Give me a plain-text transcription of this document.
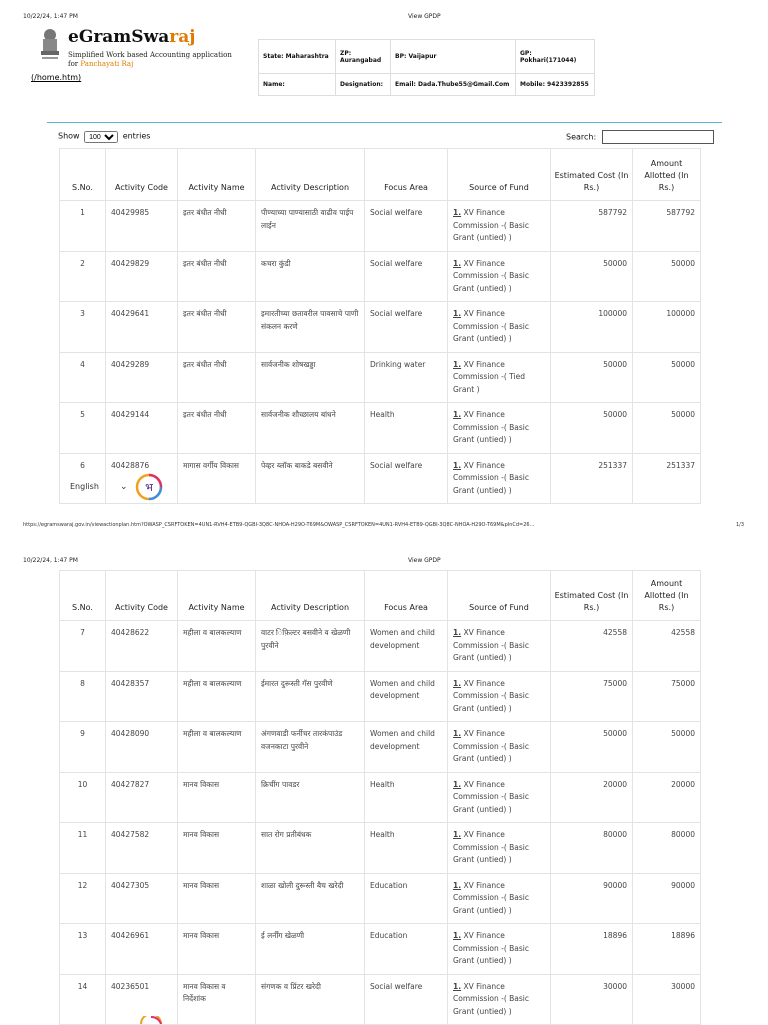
10/22/24, 1:47 PM	View GPDP
eGramSwaraj
Simplified Work based Accounting application
for Panchayati Raj
(/home.htm)
State: Maharashtra	ZP: Aurangabad	BP: Vaijapur	GP: Pokhari(171044)
Name:	Designation:	Email: Dada.Thube55@Gmail.Com	Mobile: 9423392855
Show
100	entries	Search:
S.No.	Activity Code	Activity Name	Activity Description	Focus Area	Source of Fund	Estimated Cost (In Rs.)	Amount Allotted (In Rs.)
1	40429985	इतर बंधीत नीधी	पीण्याच्या पाण्यासाठी वाढीव पाईप लाईन	Social welfare	1. XV Finance Commission -( Basic Grant (untied) )	587792	587792
2	40429829	इतर बंधीत नीधी	कचरा कुंडी	Social welfare	1. XV Finance Commission -( Basic Grant (untied) )	50000	50000
3	40429641	इतर बंधीत नीधी	इमारतीच्या छतावरील पावसाचे पाणी संकलन करणे	Social welfare	1. XV Finance Commission -( Basic Grant (untied) )	100000	100000
4	40429289	इतर बंधीत नीधी	सार्वजनीक शोषखड्डा	Drinking water	1. XV Finance Commission -( Tied Grant )	50000	50000
5	40429144	इतर बंधीत नीधी	सार्वजनीक शौच्छालय बांधने	Health	1. XV Finance Commission -( Basic Grant (untied) )	50000	50000
6	40428876	मागास वर्गीय विकास	पेव्हर ब्लॉक बाकडे बसवीने	Social welfare	1. XV Finance Commission -( Basic Grant (untied) )	251337	251337
English ⌄ भ
https://egramswaraj.gov.in/viewactionplan.htm?OWASP_CSRFTOKEN=4UN1-RVH4-ETB9-QGBI-3Q8C-NHOA-H29O-T69M&OWASP_CSRFTOKEN=4UN1-RVH4-ETB9-QGBI-3Q8C-NHOA-H29O-T69M&pInCd=26…	1/3
10/22/24, 1:47 PM	View GPDP
S.No.	Activity Code	Activity Name	Activity Description	Focus Area	Source of Fund	Estimated Cost (In Rs.)	Amount Allotted (In Rs.)
7	40428622	महीला व बालकल्याण	वाटर िफ़िल्टर बसवीने व खेळणी पुरवीने	Women and child development	1. XV Finance Commission -( Basic Grant (untied) )	42558	42558
8	40428357	महीला व बालकल्याण	ईमारत दुरूस्ती गॅस पुरवीणे	Women and child development	1. XV Finance Commission -( Basic Grant (untied) )	75000	75000
9	40428090	महीला व बालकल्याण	अंगणवाडी फर्नीचर तारकंपाउंड वजनकाटा पुरवीने	Women and child development	1. XV Finance Commission -( Basic Grant (untied) )	50000	50000
10	40427827	मानव विकास	क्रिचींग पावडर	Health	1. XV Finance Commission -( Basic Grant (untied) )	20000	20000
11	40427582	मानव विकास	सात रोग प्रतीबंधक	Health	1. XV Finance Commission -( Basic Grant (untied) )	80000	80000
12	40427305	मानव विकास	शाळा खोली दुरूस्ती बैच खरेदी	Education	1. XV Finance Commission -( Basic Grant (untied) )	90000	90000
13	40426961	मानव विकास	ई लर्नींग खेळणी	Education	1. XV Finance Commission -( Basic Grant (untied) )	18896	18896
14	40236501	मानव विकास व निर्देशांक	संगणक व प्रिंटर खरेदी	Social welfare	1. XV Finance Commission -( Basic Grant (untied) )	30000	30000
